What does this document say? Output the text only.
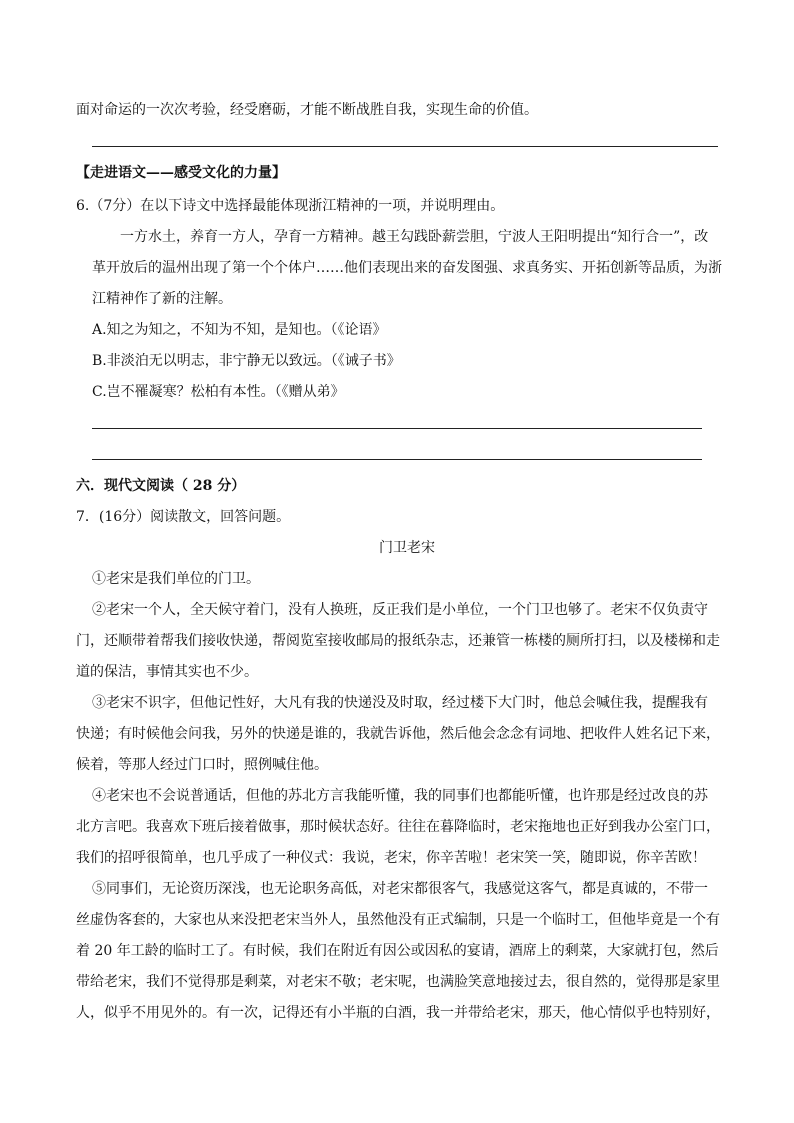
面对命运的一次次考验，经受磨砺，才能不断战胜自我，实现生命的价值。
【走进语文——感受文化的力量】
6.（7分）在以下诗文中选择最能体现浙江精神的一项，并说明理由。
一方水土，养育一方人，孕育一方精神。越王勾践卧薪尝胆，宁波人王阳明提出“知行合一”，改
革开放后的温州出现了第一个个体户……他们表现出来的奋发图强、求真务实、开拓创新等品质，为浙
江精神作了新的注解。
A.知之为知之，不知为不知，是知也。（《论语》
B.非淡泊无以明志，非宁静无以致远。（《诫子书》
C.岂不罹凝寒？松柏有本性。（《赠从弟》
六．现代文阅读（ 28 分）
7．(16分）阅读散文，回答问题。
门卫老宋
①老宋是我们单位的门卫。
②老宋一个人，全天候守着门，没有人换班，反正我们是小单位，一个门卫也够了。老宋不仅负责守
门，还顺带着帮我们接收快递，帮阅览室接收邮局的报纸杂志，还兼管一栋楼的厕所打扫，以及楼梯和走
道的保洁，事情其实也不少。
③老宋不识字，但他记性好，大凡有我的快递没及时取，经过楼下大门时，他总会喊住我，提醒我有
快递；有时候他会问我，另外的快递是谁的，我就告诉他，然后他会念念有词地、把收件人姓名记下来，
候着，等那人经过门口时，照例喊住他。
④老宋也不会说普通话，但他的苏北方言我能听懂，我的同事们也都能听懂，也许那是经过改良的苏
北方言吧。我喜欢下班后接着做事，那时候状态好。往往在暮降临时，老宋拖地也正好到我办公室门口，
我们的招呼很简单，也几乎成了一种仪式：我说，老宋，你辛苦啦！老宋笑一笑，随即说，你辛苦欧！
⑤同事们，无论资历深浅，也无论职务高低，对老宋都很客气，我感觉这客气，都是真诚的，不带一
丝虚伪客套的，大家也从来没把老宋当外人，虽然他没有正式编制，只是一个临时工，但他毕竟是一个有
着 20 年工龄的临时工了。有时候，我们在附近有因公或因私的宴请，酒席上的剩菜，大家就打包，然后
带给老宋，我们不觉得那是剩菜，对老宋不敬；老宋呢，也满脸笑意地接过去，很自然的，觉得那是家里
人，似乎不用见外的。有一次，记得还有小半瓶的白酒，我一并带给老宋，那天，他心情似乎也特别好，
